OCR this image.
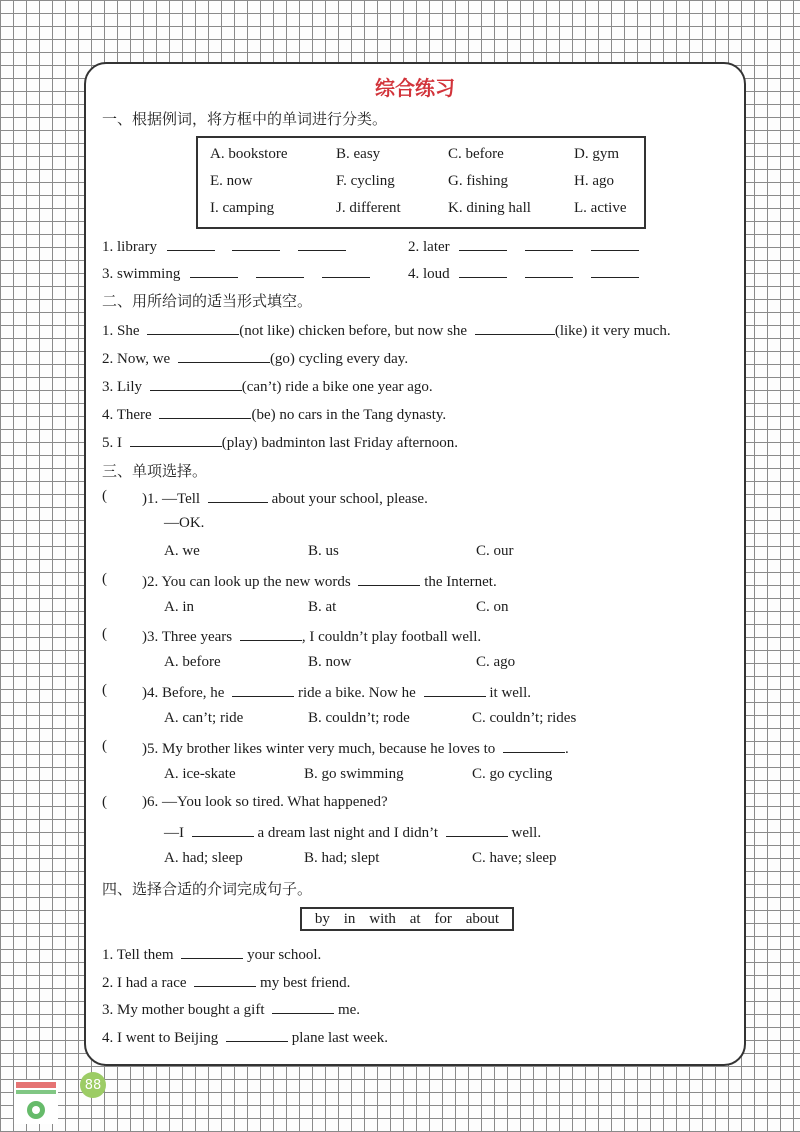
综合练习
一、根据例词，将方框中的单词进行分类。
A. bookstore	B. easy	C. before	D. gym
E. now	F. cycling	G. fishing	H. ago
I. camping	J. different	K. dining hall	L. active
1. library	2. later
3. swimming	4. loud
二、用所给词的适当形式填空。
1. She	(not like) chicken before, but now she	(like) it very much.
2. Now, we	(go) cycling every day.
3. Lily	(can’t) ride a bike one year ago.
4. There	(be) no cars in the Tang dynasty.
5. I	(play) badminton last Friday afternoon.
三、单项选择。
( )1. —Tell	about your school, please.
—OK.
A. we	B. us	C. our
( )2. You can look up the new words	the Internet.
A. in	B. at	C. on
( )3. Three years	, I couldn’t play football well.
A. before	B. now	C. ago
( )4. Before, he	ride a bike. Now he	it well.
A. can’t; ride	B. couldn’t; rode	C. couldn’t; rides
( )5. My brother likes winter very much, because he loves to	.
A. ice-skate	B. go swimming	C. go cycling
( )6. —You look so tired. What happened?
—I	a dream last night and I didn’t	well.
A. had; sleep	B. had; slept	C. have; sleep
四、选择合适的介词完成句子。
by in with at for about
1. Tell them	your school.
2. I had a race	my best friend.
3. My mother bought a gift	me.
4. I went to Beijing	plane last week.
88
